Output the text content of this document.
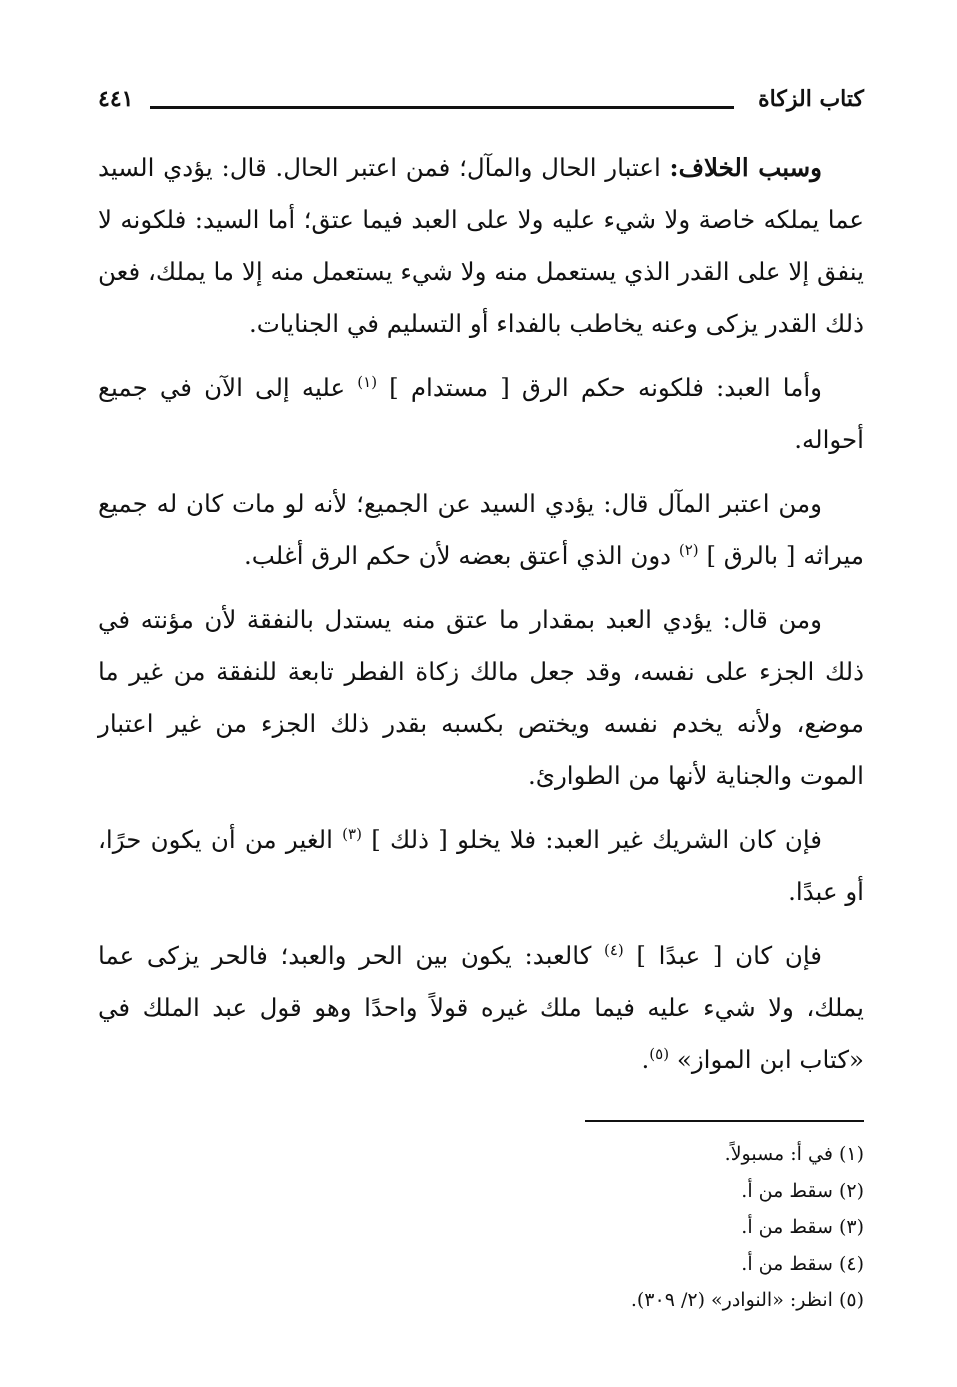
كتاب الزكاة
٤٤١

وسبب الخلاف: اعتبار الحال والمآل؛ فمن اعتبر الحال. قال: يؤدي السيد عما يملكه خاصة ولا شيء عليه ولا على العبد فيما عتق؛ أما السيد: فلكونه لا ينفق إلا على القدر الذي يستعمل منه ولا شيء يستعمل منه إلا ما يملك، فعن ذلك القدر يزكى وعنه يخاطب بالفداء أو التسليم في الجنايات.

وأما العبد: فلكونه حكم الرق [ مستدام ] $^{(١)}$ عليه إلى الآن في جميع أحواله.

ومن اعتبر المآل قال: يؤدي السيد عن الجميع؛ لأنه لو مات كان له جميع ميراثه [ بالرق ] $^{(٢)}$ دون الذي أعتق بعضه لأن حكم الرق أغلب.

ومن قال: يؤدي العبد بمقدار ما عتق منه يستدل بالنفقة لأن مؤنته في ذلك الجزء على نفسه، وقد جعل مالك زكاة الفطر تابعة للنفقة من غير ما موضع، ولأنه يخدم نفسه ويختص بكسبه بقدر ذلك الجزء من غير اعتبار الموت والجناية لأنها من الطوارئ.

فإن كان الشريك غير العبد: فلا يخلو [ ذلك ] $^{(٣)}$ الغير من أن يكون حرًا، أو عبدًا.

فإن كان [ عبدًا ] $^{(٤)}$ كالعبد: يكون بين الحر والعبد؛ فالحر يزكى عما يملك، ولا شيء عليه فيما ملك غيره قولاً واحدًا وهو قول عبد الملك في «كتاب ابن المواز» $^{(٥)}$.

(١) في أ: مسبولاً.
(٢) سقط من أ.
(٣) سقط من أ.
(٤) سقط من أ.
(٥) انظر: «النوادر» (٢/ ٣٠٩).
